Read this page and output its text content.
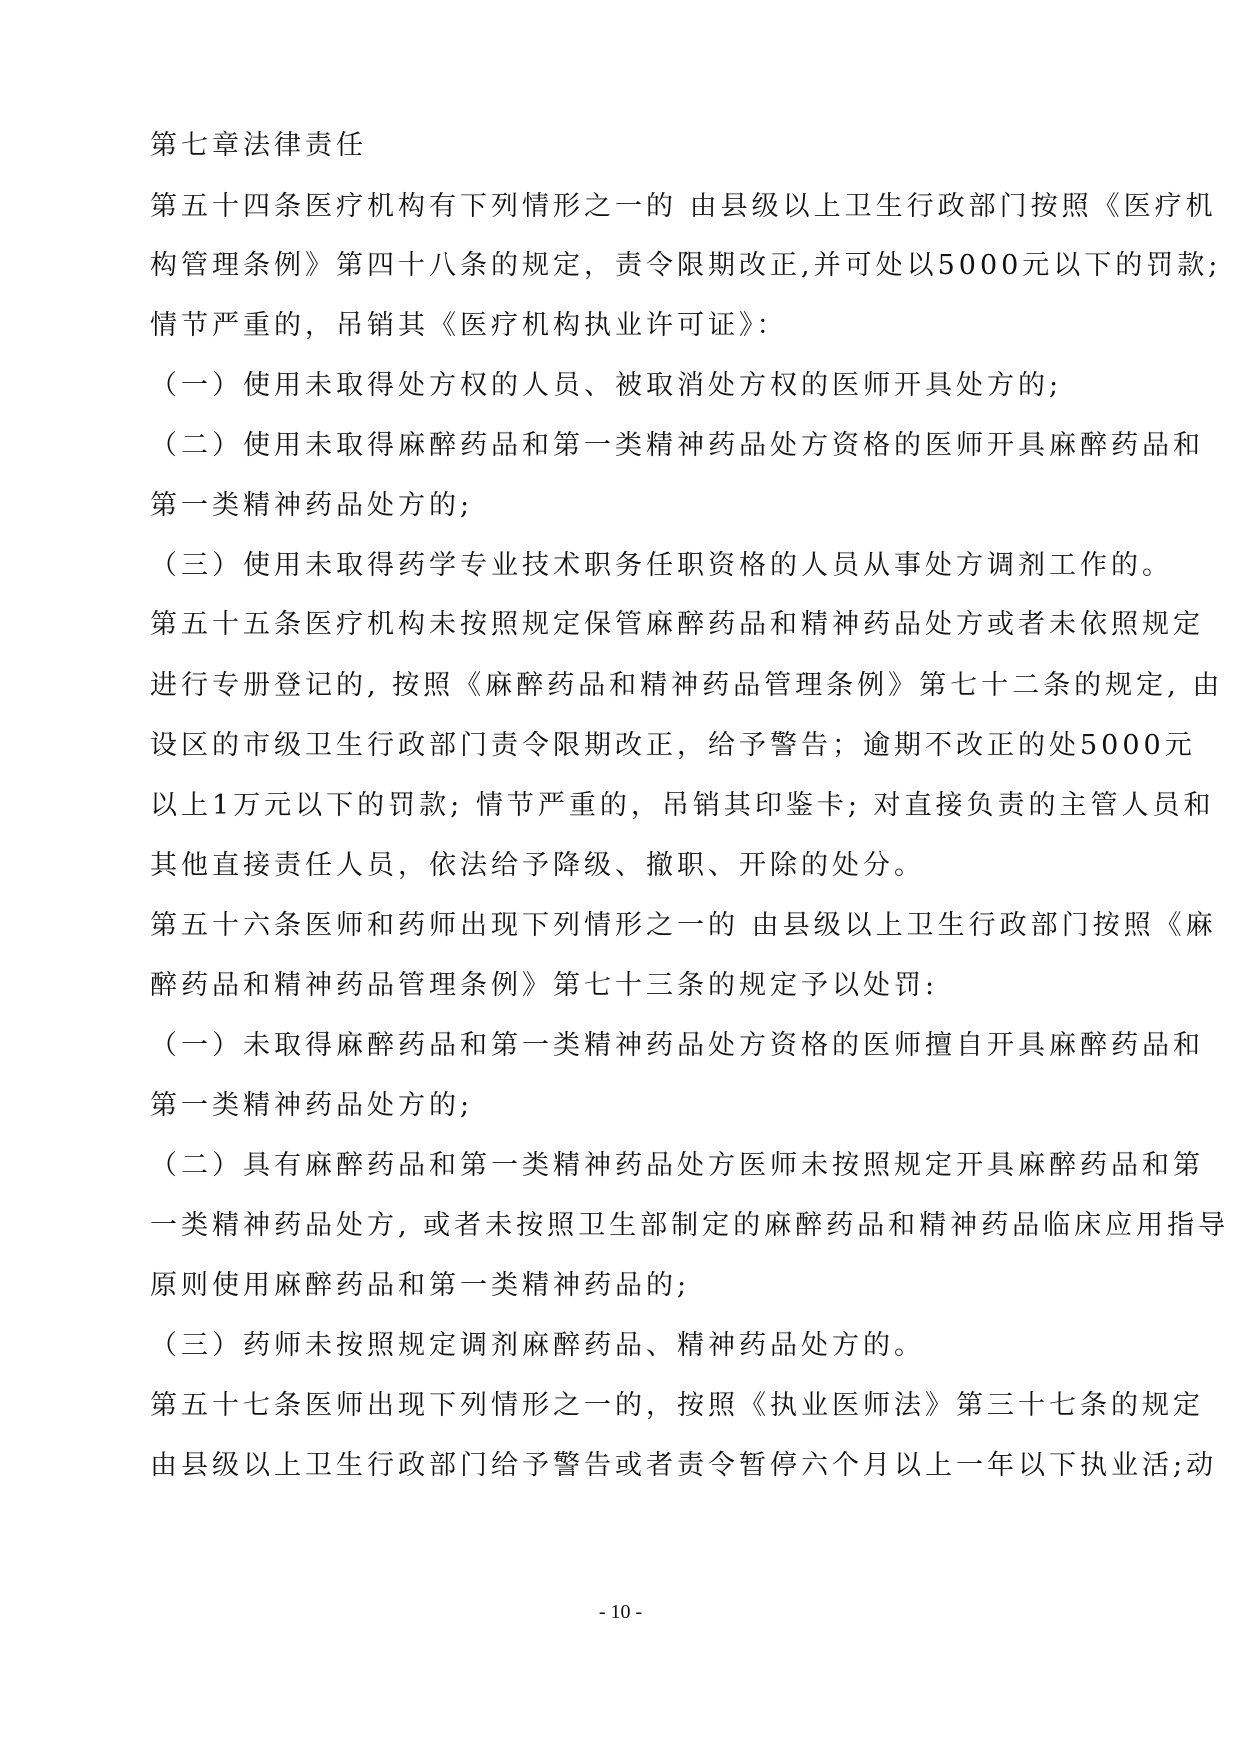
第七章法律责任
第五十四条医疗机构有下列情形之一的 由县级以上卫生行政部门按照《医疗机
构管理条例》第四十八条的规定，责令限期改正,并可处以5000元以下的罚款;
情节严重的，吊销其《医疗机构执业许可证》：
（一）使用未取得处方权的人员、被取消处方权的医师开具处方的;
（二）使用未取得麻醉药品和第一类精神药品处方资格的医师开具麻醉药品和
第一类精神药品处方的;
（三）使用未取得药学专业技术职务任职资格的人员从事处方调剂工作的。
第五十五条医疗机构未按照规定保管麻醉药品和精神药品处方或者未依照规定
进行专册登记的, 按照《麻醉药品和精神药品管理条例》第七十二条的规定, 由
设区的市级卫生行政部门责令限期改正，给予警告；逾期不改正的处5000元
以上1万元以下的罚款; 情节严重的，吊销其印鉴卡; 对直接负责的主管人员和
其他直接责任人员，依法给予降级、撤职、开除的处分。
第五十六条医师和药师出现下列情形之一的 由县级以上卫生行政部门按照《麻
醉药品和精神药品管理条例》第七十三条的规定予以处罚:
（一）未取得麻醉药品和第一类精神药品处方资格的医师擅自开具麻醉药品和
第一类精神药品处方的;
（二）具有麻醉药品和第一类精神药品处方医师未按照规定开具麻醉药品和第
一类精神药品处方, 或者未按照卫生部制定的麻醉药品和精神药品临床应用指导
原则使用麻醉药品和第一类精神药品的;
（三）药师未按照规定调剂麻醉药品、精神药品处方的。
第五十七条医师出现下列情形之一的，按照《执业医师法》第三十七条的规定
由县级以上卫生行政部门给予警告或者责令暂停六个月以上一年以下执业活;动
- 10 -
